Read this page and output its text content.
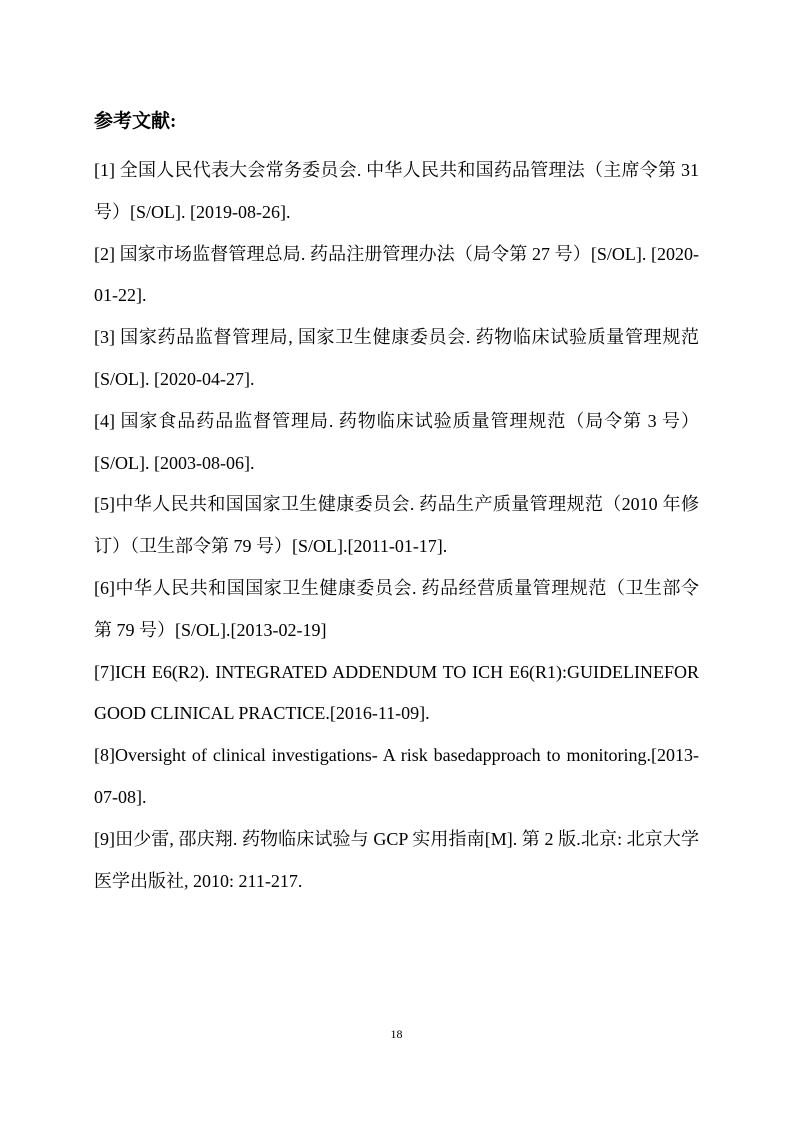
参考文献:
[1] 全国人民代表大会常务委员会. 中华人民共和国药品管理法（主席令第 31 号）[S/OL]. [2019-08-26].
[2] 国家市场监督管理总局. 药品注册管理办法（局令第 27 号）[S/OL]. [2020-01-22].
[3] 国家药品监督管理局, 国家卫生健康委员会. 药物临床试验质量管理规范 [S/OL]. [2020-04-27].
[4] 国家食品药品监督管理局. 药物临床试验质量管理规范（局令第 3 号）[S/OL]. [2003-08-06].
[5]中华人民共和国国家卫生健康委员会. 药品生产质量管理规范（2010 年修订）（卫生部令第 79 号）[S/OL].[2011-01-17].
[6]中华人民共和国国家卫生健康委员会. 药品经营质量管理规范（卫生部令第 79 号）[S/OL].[2013-02-19]
[7]ICH E6(R2). INTEGRATED ADDENDUM TO ICH E6(R1):GUIDELINEFOR GOOD CLINICAL PRACTICE.[2016-11-09].
[8]Oversight of clinical investigations- A risk basedapproach to monitoring.[2013-07-08].
[9]田少雷, 邵庆翔. 药物临床试验与 GCP 实用指南[M]. 第 2 版.北京: 北京大学医学出版社, 2010: 211-217.
18
